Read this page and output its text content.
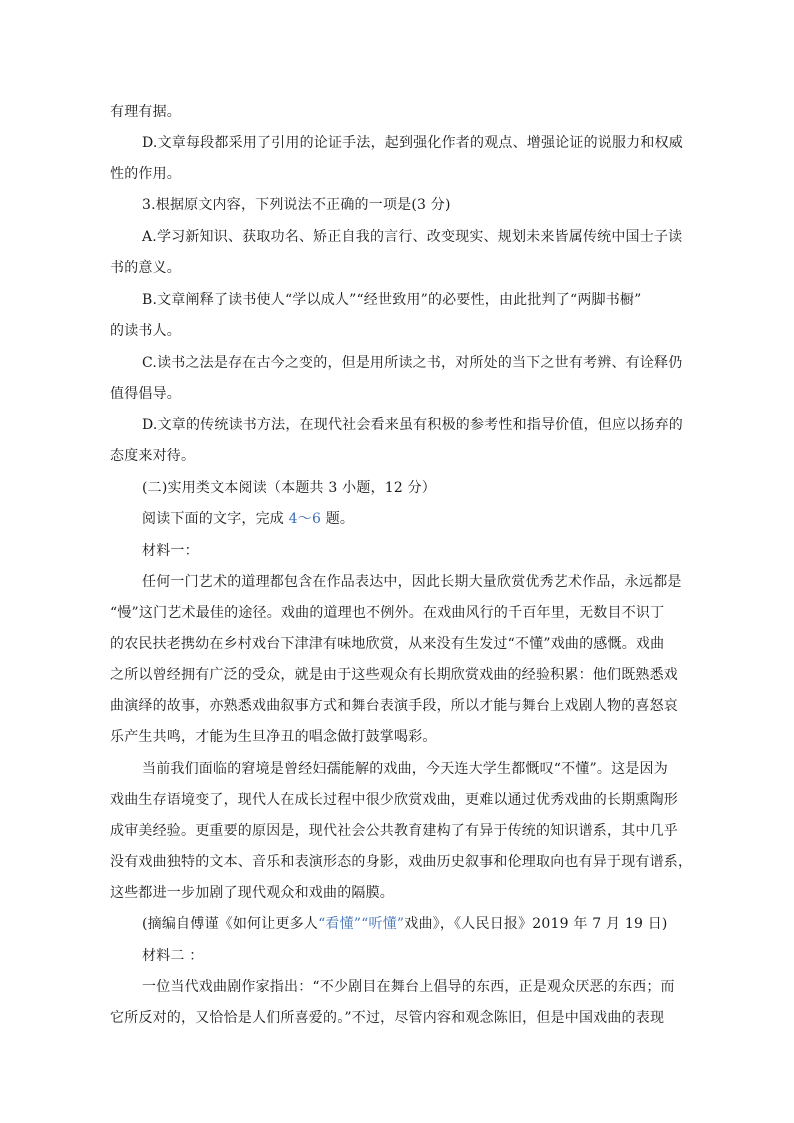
有理有据。
D.文章每段都采用了引用的论证手法，起到强化作者的观点、增强论证的说服力和权威
性的作用。
3.根据原文内容，下列说法不正确的一项是(3 分)
A.学习新知识、获取功名、矫正自我的言行、改变现实、规划未来皆属传统中国士子读
书的意义。
B.文章阐释了读书使人“学以成人”“经世致用”的必要性，由此批判了“两脚书橱”
的读书人。
C.读书之法是存在古今之变的，但是用所读之书，对所处的当下之世有考辨、有诠释仍
值得倡导。
D.文章的传统读书方法，在现代社会看来虽有积极的参考性和指导价值，但应以扬弃的
态度来对待。
(二)实用类文本阅读（本题共 3 小题，12 分）
阅读下面的文字，完成 4～6 题。
材料一：
任何一门艺术的道理都包含在作品表达中，因此长期大量欣赏优秀艺术作品，永远都是
“慢”这门艺术最佳的途径。戏曲的道理也不例外。在戏曲风行的千百年里，无数目不识丁
的农民扶老携幼在乡村戏台下津津有味地欣赏，从来没有生发过“不懂”戏曲的感慨。戏曲
之所以曾经拥有广泛的受众，就是由于这些观众有长期欣赏戏曲的经验积累：他们既熟悉戏
曲演绎的故事，亦熟悉戏曲叙事方式和舞台表演手段，所以才能与舞台上戏剧人物的喜怒哀
乐产生共鸣，才能为生旦净丑的唱念做打鼓掌喝彩。
当前我们面临的窘境是曾经妇孺能解的戏曲，今天连大学生都慨叹“不懂”。这是因为
戏曲生存语境变了，现代人在成长过程中很少欣赏戏曲，更难以通过优秀戏曲的长期熏陶形
成审美经验。更重要的原因是，现代社会公共教育建构了有异于传统的知识谱系，其中几乎
没有戏曲独特的文本、音乐和表演形态的身影，戏曲历史叙事和伦理取向也有异于现有谱系，
这些都进一步加剧了现代观众和戏曲的隔膜。
(摘编自傅谨《如何让更多人“看懂”“听懂”戏曲》，《人民日报》2019 年 7 月 19 日)
材料二 ：
一位当代戏曲剧作家指出：“不少剧目在舞台上倡导的东西，正是观众厌恶的东西；而
它所反对的，又恰恰是人们所喜爱的。”不过，尽管内容和观念陈旧，但是中国戏曲的表现
